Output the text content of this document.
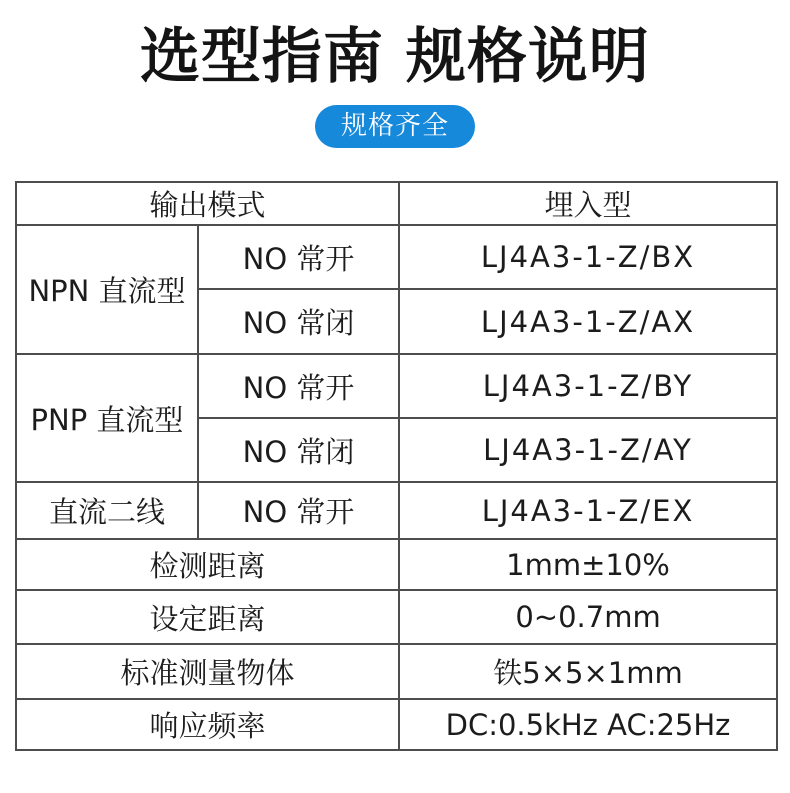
选型指南 规格说明
规格齐全
输出模式		埋入型
NPN 直流型	NO 常开	LJ4A3-1-Z/BX
	NO 常闭	LJ4A3-1-Z/AX
PNP 直流型	NO 常开	LJ4A3-1-Z/BY
	NO 常闭	LJ4A3-1-Z/AY
直流二线	NO 常开	LJ4A3-1-Z/EX
检测距离		1mm±10%
设定距离		0~0.7mm
标准测量物体		铁5×5×1mm
响应频率		DC:0.5kHz AC:25Hz
